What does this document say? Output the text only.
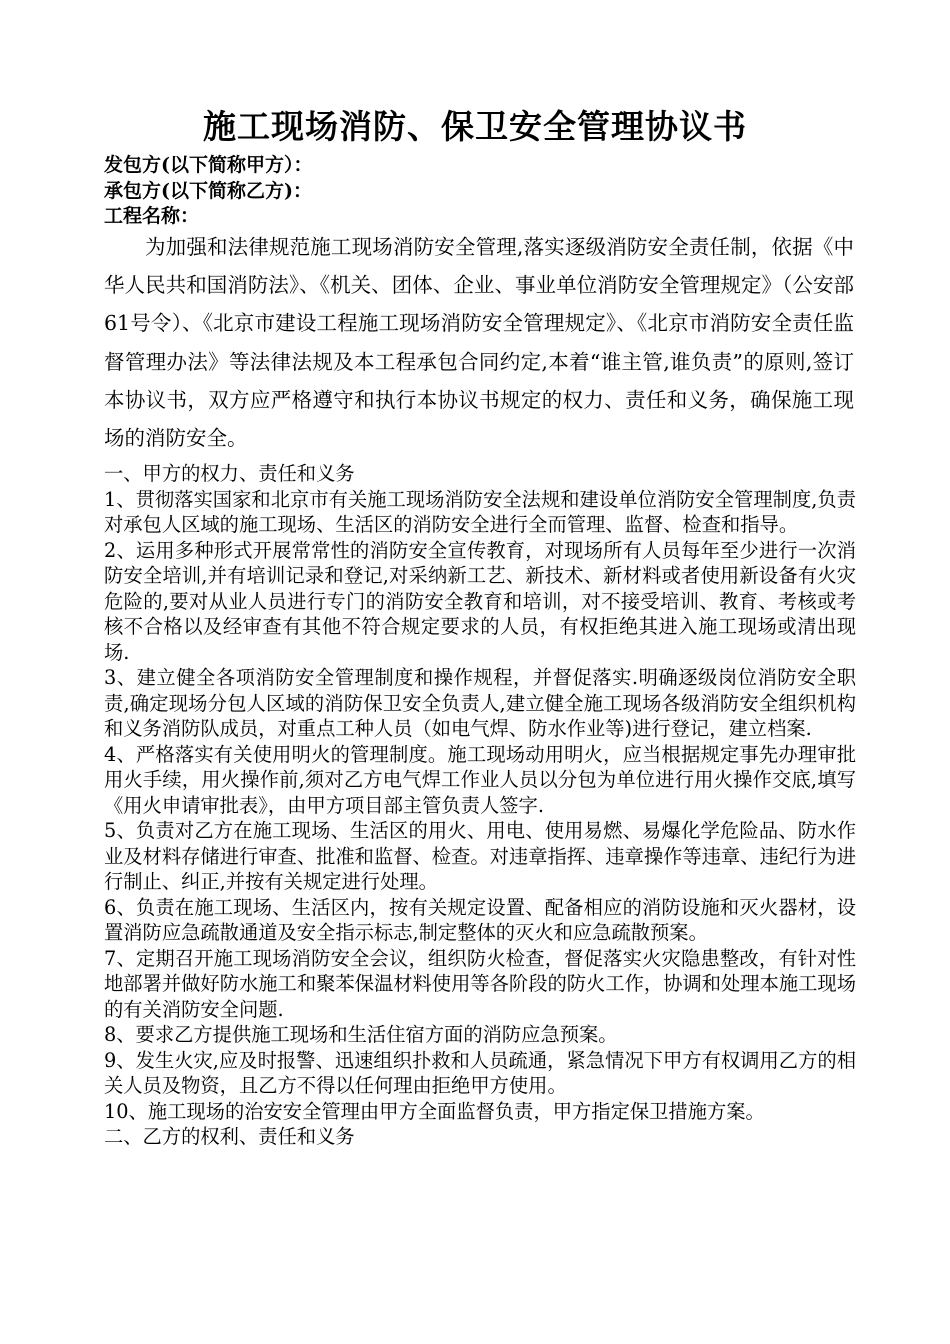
施工现场消防、保卫安全管理协议书
发包方(以下简称甲方）：
承包方(以下简称乙方)：
工程名称：

为加强和法律规范施工现场消防安全管理,落实逐级消防安全责任制，依据《中华人民共和国消防法》、《机关、团体、企业、事业单位消防安全管理规定》（公安部61号令）、《北京市建设工程施工现场消防安全管理规定》、《北京市消防安全责任监督管理办法》等法律法规及本工程承包合同约定,本着“谁主管,谁负责”的原则,签订本协议书，双方应严格遵守和执行本协议书规定的权力、责任和义务，确保施工现场的消防安全。

一、甲方的权力、责任和义务

1、贯彻落实国家和北京市有关施工现场消防安全法规和建设单位消防安全管理制度,负责对承包人区域的施工现场、生活区的消防安全进行全而管理、监督、检查和指导。

2、运用多种形式开展常常性的消防安全宣传教育，对现场所有人员每年至少进行一次消防安全培训,并有培训记录和登记,对采纳新工艺、新技术、新材料或者使用新设备有火灾危险的,要对从业人员进行专门的消防安全教育和培训，对不接受培训、教育、考核或考核不合格以及经审查有其他不符合规定要求的人员，有权拒绝其进入施工现场或清出现场.

3、建立健全各项消防安全管理制度和操作规程，并督促落实.明确逐级岗位消防安全职责,确定现场分包人区域的消防保卫安全负责人,建立健全施工现场各级消防安全组织机构和义务消防队成员，对重点工种人员（如电气焊、防水作业等)进行登记，建立档案.

4、严格落实有关使用明火的管理制度。施工现场动用明火，应当根据规定事先办理审批用火手续，用火操作前,须对乙方电气焊工作业人员以分包为单位进行用火操作交底,填写《用火申请审批表》，由甲方项目部主管负责人签字.

5、负责对乙方在施工现场、生活区的用火、用电、使用易燃、易爆化学危险品、防水作业及材料存储进行审查、批准和监督、检查。对违章指挥、违章操作等违章、违纪行为进行制止、纠正,并按有关规定进行处理。

6、负责在施工现场、生活区内，按有关规定设置、配备相应的消防设施和灭火器材，设置消防应急疏散通道及安全指示标志,制定整体的灭火和应急疏散预案。

7、定期召开施工现场消防安全会议，组织防火检查，督促落实火灾隐患整改，有针对性地部署并做好防水施工和聚苯保温材料使用等各阶段的防火工作，协调和处理本施工现场的有关消防安全问题.

8、要求乙方提供施工现场和生活住宿方面的消防应急预案。

9、发生火灾,应及时报警、迅速组织扑救和人员疏通，紧急情况下甲方有权调用乙方的相关人员及物资，且乙方不得以任何理由拒绝甲方使用。

10、施工现场的治安安全管理由甲方全面监督负责，甲方指定保卫措施方案。

二、乙方的权利、责任和义务
